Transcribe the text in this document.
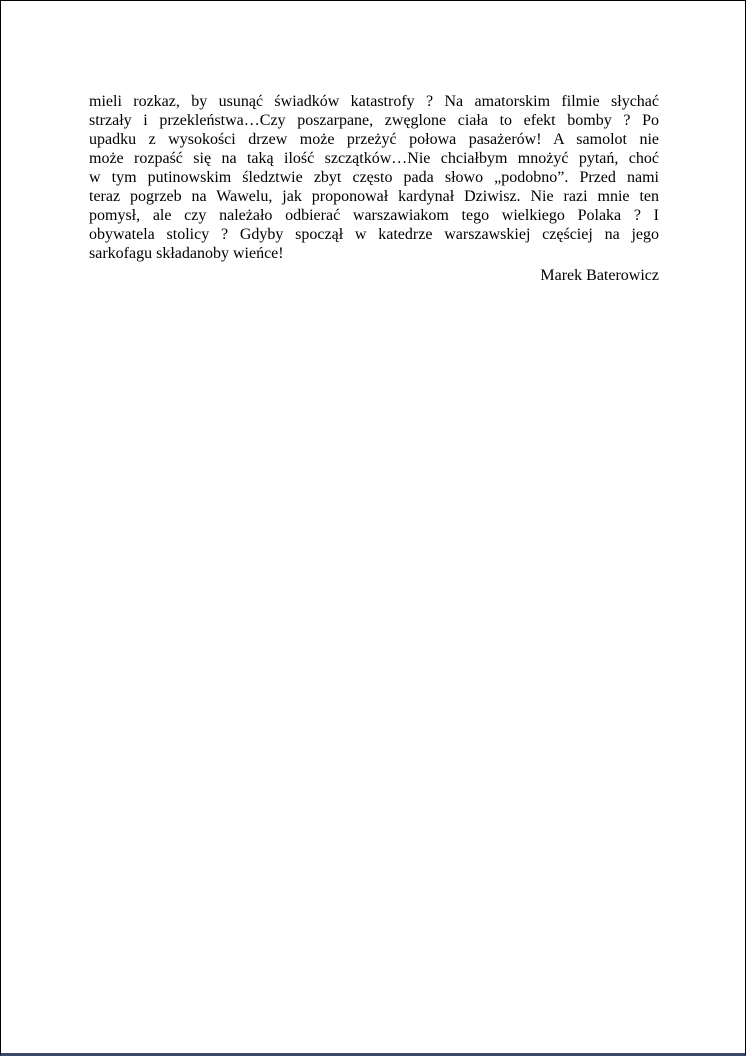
mieli rozkaz, by usunąć świadków katastrofy ? Na amatorskim filmie słychać
strzały i przekleństwa…Czy poszarpane, zwęglone ciała to efekt bomby ? Po
upadku z wysokości drzew może przeżyć połowa pasażerów! A samolot nie
może rozpaść się na taką ilość szczątków…Nie chciałbym mnożyć pytań, choć
w tym putinowskim śledztwie zbyt często pada słowo „podobno”. Przed nami
teraz pogrzeb na Wawelu, jak proponował kardynał Dziwisz. Nie razi mnie ten
pomysł, ale czy należało odbierać warszawiakom tego wielkiego Polaka ? I
obywatela stolicy ? Gdyby spoczął w katedrze warszawskiej częściej na jego
sarkofagu składanoby wieńce!
Marek Baterowicz
